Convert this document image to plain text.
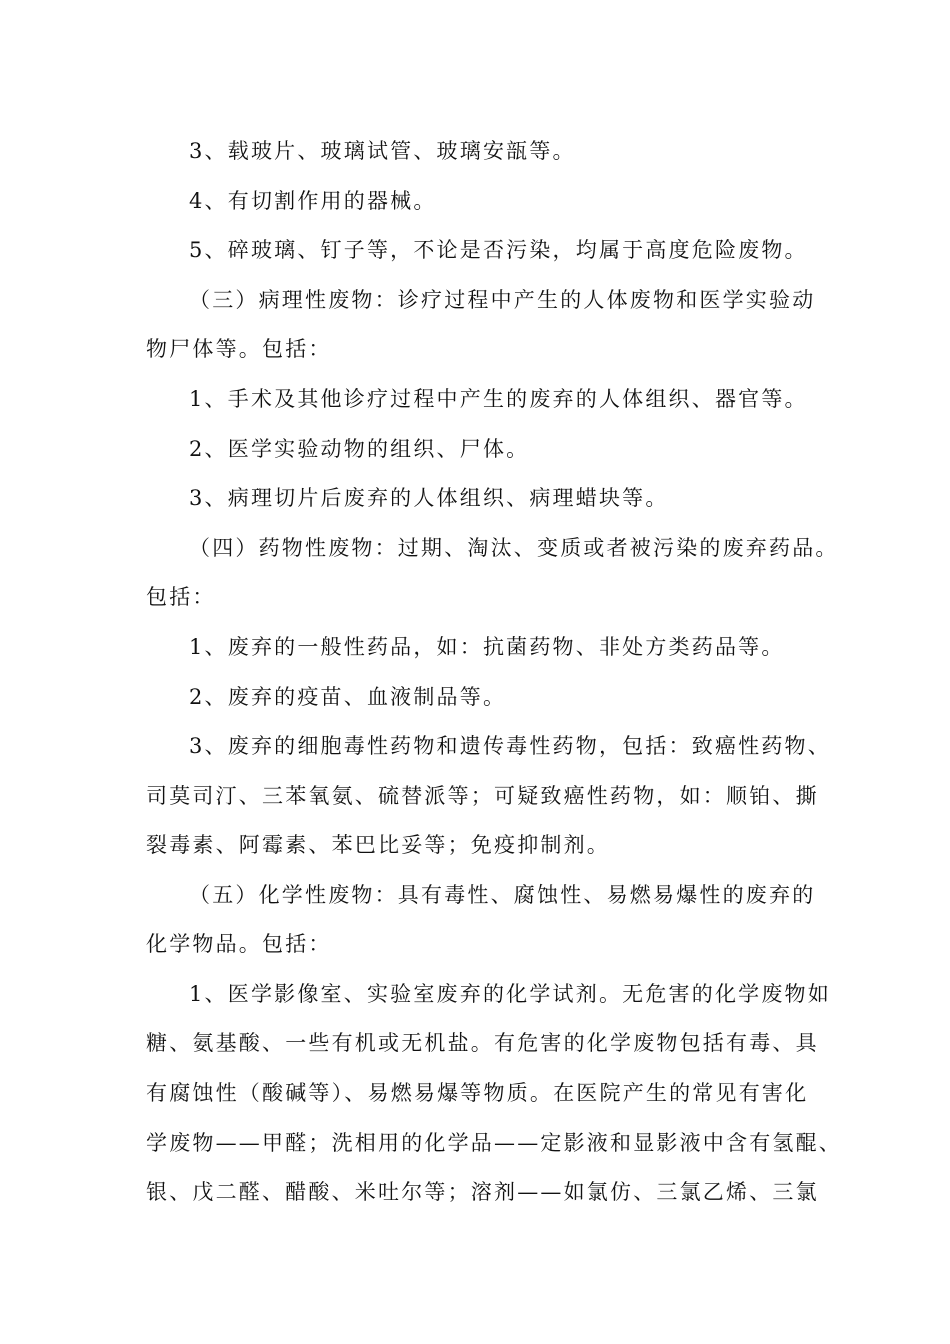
3、载玻片、玻璃试管、玻璃安瓿等。
4、有切割作用的器械。
5、碎玻璃、钉子等，不论是否污染，均属于高度危险废物。
（三）病理性废物：诊疗过程中产生的人体废物和医学实验动
物尸体等。包括：
1、手术及其他诊疗过程中产生的废弃的人体组织、器官等。
2、医学实验动物的组织、尸体。
3、病理切片后废弃的人体组织、病理蜡块等。
（四）药物性废物：过期、淘汰、变质或者被污染的废弃药品。
包括：
1、废弃的一般性药品，如：抗菌药物、非处方类药品等。
2、废弃的疫苗、血液制品等。
3、废弃的细胞毒性药物和遗传毒性药物，包括：致癌性药物、
司莫司汀、三苯氧氨、硫替派等；可疑致癌性药物，如：顺铂、撕
裂毒素、阿霉素、苯巴比妥等；免疫抑制剂。
（五）化学性废物：具有毒性、腐蚀性、易燃易爆性的废弃的
化学物品。包括：
1、医学影像室、实验室废弃的化学试剂。无危害的化学废物如
糖、氨基酸、一些有机或无机盐。有危害的化学废物包括有毒、具
有腐蚀性（酸碱等）、易燃易爆等物质。在医院产生的常见有害化
学废物——甲醛；洗相用的化学品——定影液和显影液中含有氢醌、
银、戊二醛、醋酸、米吐尔等；溶剂——如氯仿、三氯乙烯、三氯
